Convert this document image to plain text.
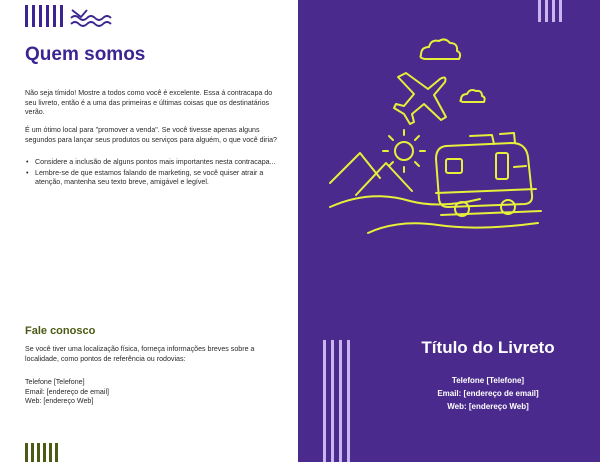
Quem somos

Não seja tímido! Mostre a todos como você é excelente. Essa á contracapa do seu livreto, então é a uma das primeiras e últimas coisas que os destinatários verão.

É um ótimo local para "promover a venda". Se você tivesse apenas alguns segundos para lançar seus produtos ou serviços para alguém, o que você diria?

• Considere a inclusão de alguns pontos mais importantes nesta contracapa...
• Lembre-se de que estamos falando de marketing, se você quiser atrair a atenção, mantenha seu texto breve, amigável e legível.
Fale conosco

Se você tiver uma localização física, forneça informações breves sobre a localidade, como pontos de referência ou rodovias:

Telefone [Telefone]
Email: [endereço de email]
Web: [endereço Web]
Título do Livreto
Telefone [Telefone]
Email: [endereço de email]
Web: [endereço Web]
